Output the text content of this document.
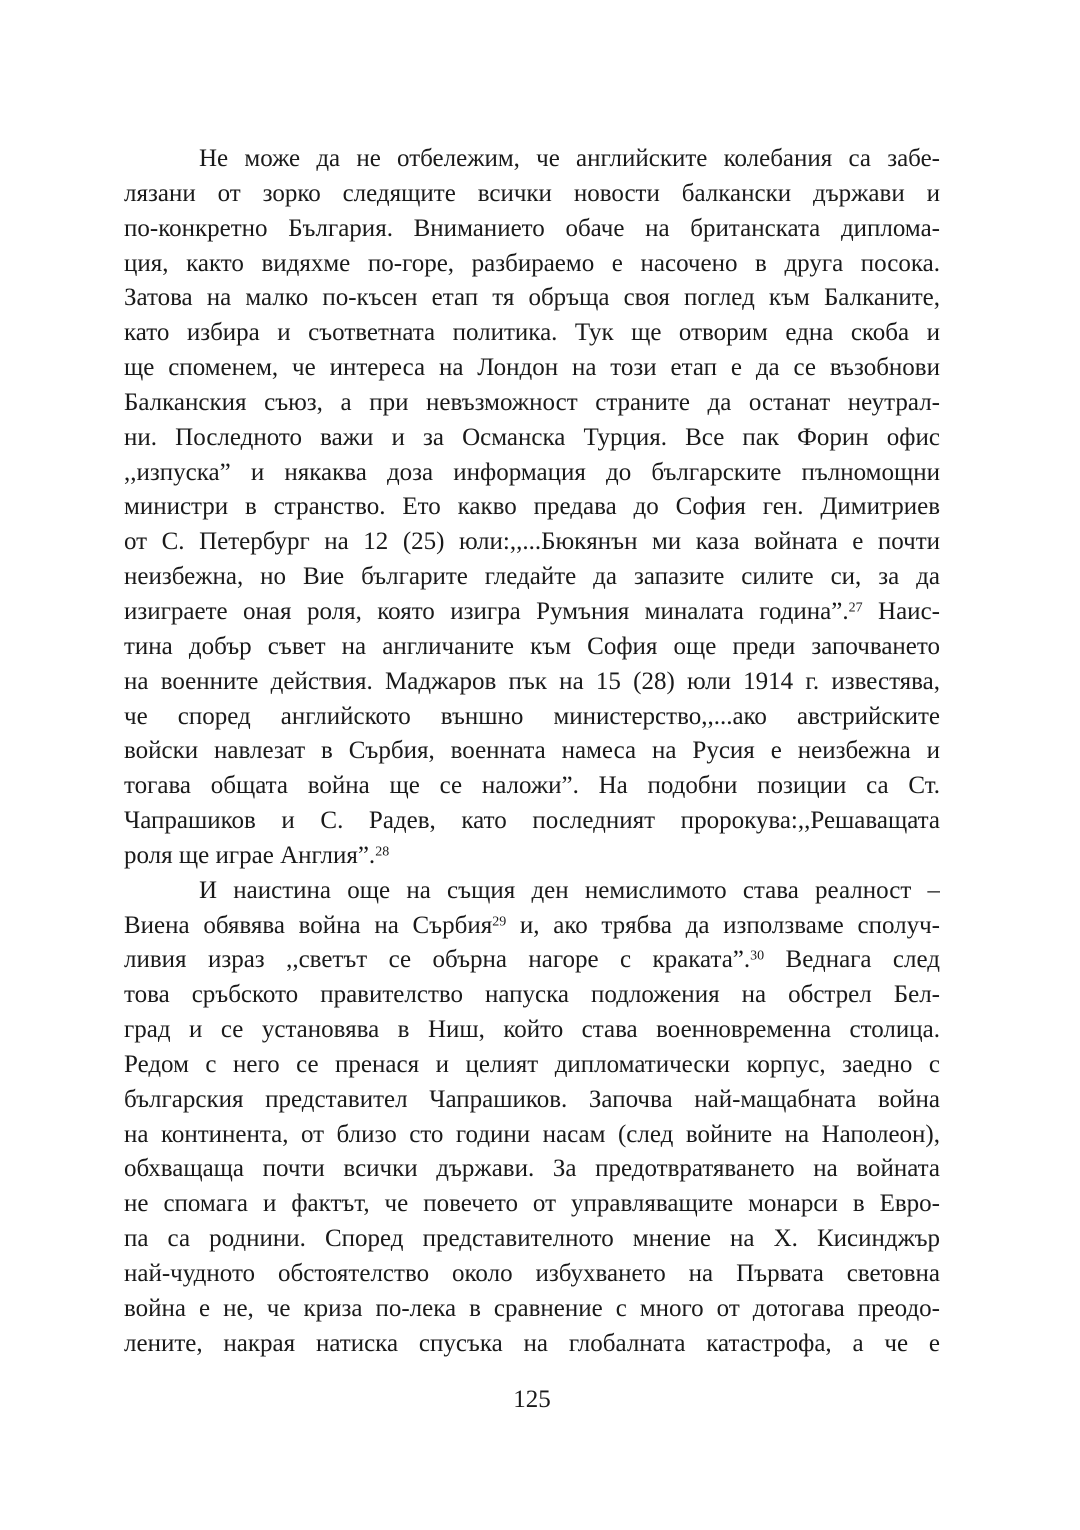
Не може да не отбележим, че английските колебания са забе-
лязани от зорко следящите всички новости балкански държави и
по-конкретно България. Вниманието обаче на британската диплома-
ция, както видяхме по-горе, разбираемо е насочено в друга посока.
Затова на малко по-късен етап тя обръща своя поглед към Балканите,
като избира и съответната политика. Тук ще отворим една скоба и
ще споменем, че интереса на Лондон на този етап е да се възобнови
Балканския съюз, а при невъзможност страните да останат неутрал-
ни. Последното важи и за Османска Турция. Все пак Форин офис
,,изпуска” и някаква доза информация до българските пълномощни
министри в странство. Ето какво предава до София ген. Димитриев
от С. Петербург на 12 (25) юли:,,...Бюкянън ми каза войната е почти
неизбежна, но Вие българите гледайте да запазите силите си, за да
изиграете оная роля, която изигра Румъния миналата година”.$^{27}$ Наис-
тина добър съвет на англичаните към София още преди започването
на военните действия. Маджаров пък на 15 (28) юли 1914 г. известява,
че според английското външно министерство,,...ако австрийските
войски навлезат в Сърбия, военната намеса на Русия е неизбежна и
тогава общата война ще се наложи”. На подобни позиции са Ст.
Чапрашиков и С. Радев, като последният пророкува:,,Решаващата
роля ще играе Англия”.$^{28}$
И наистина още на същия ден немислимото става реалност –
Виена обявява война на Сърбия$^{29}$ и, ако трябва да използваме сполуч-
ливия израз ,,светът се обърна нагоре с краката”.$^{30}$ Веднага след
това сръбското правителство напуска подложения на обстрел Бел-
град и се установява в Ниш, който става военновременна столица.
Редом с него се пренася и целият дипломатически корпус, заедно с
българския представител Чапрашиков. Започва най-мащабната война
на континента, от близо сто години насам (след войните на Наполеон),
обхващаща почти всички държави. За предотвратяването на войната
не спомага и фактът, че повечето от управляващите монарси в Евро-
па са роднини. Според представителното мнение на Х. Кисинджър
най-чудното обстоятелство около избухването на Първата световна
война е не, че криза по-лека в сравнение с много от дотогава преодо-
лените, накрая натиска спусъка на глобалната катастрофа, а че е
125
